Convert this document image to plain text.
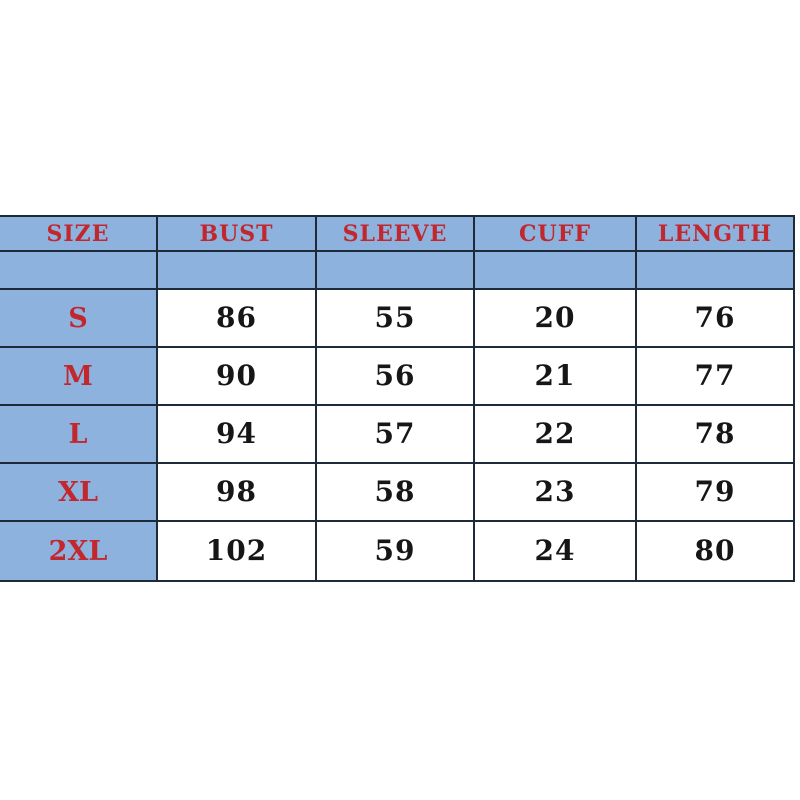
SIZE	BUST	SLEEVE	CUFF	LENGTH
S	86	55	20	76
M	90	56	21	77
L	94	57	22	78
XL	98	58	23	79
2XL	102	59	24	80
